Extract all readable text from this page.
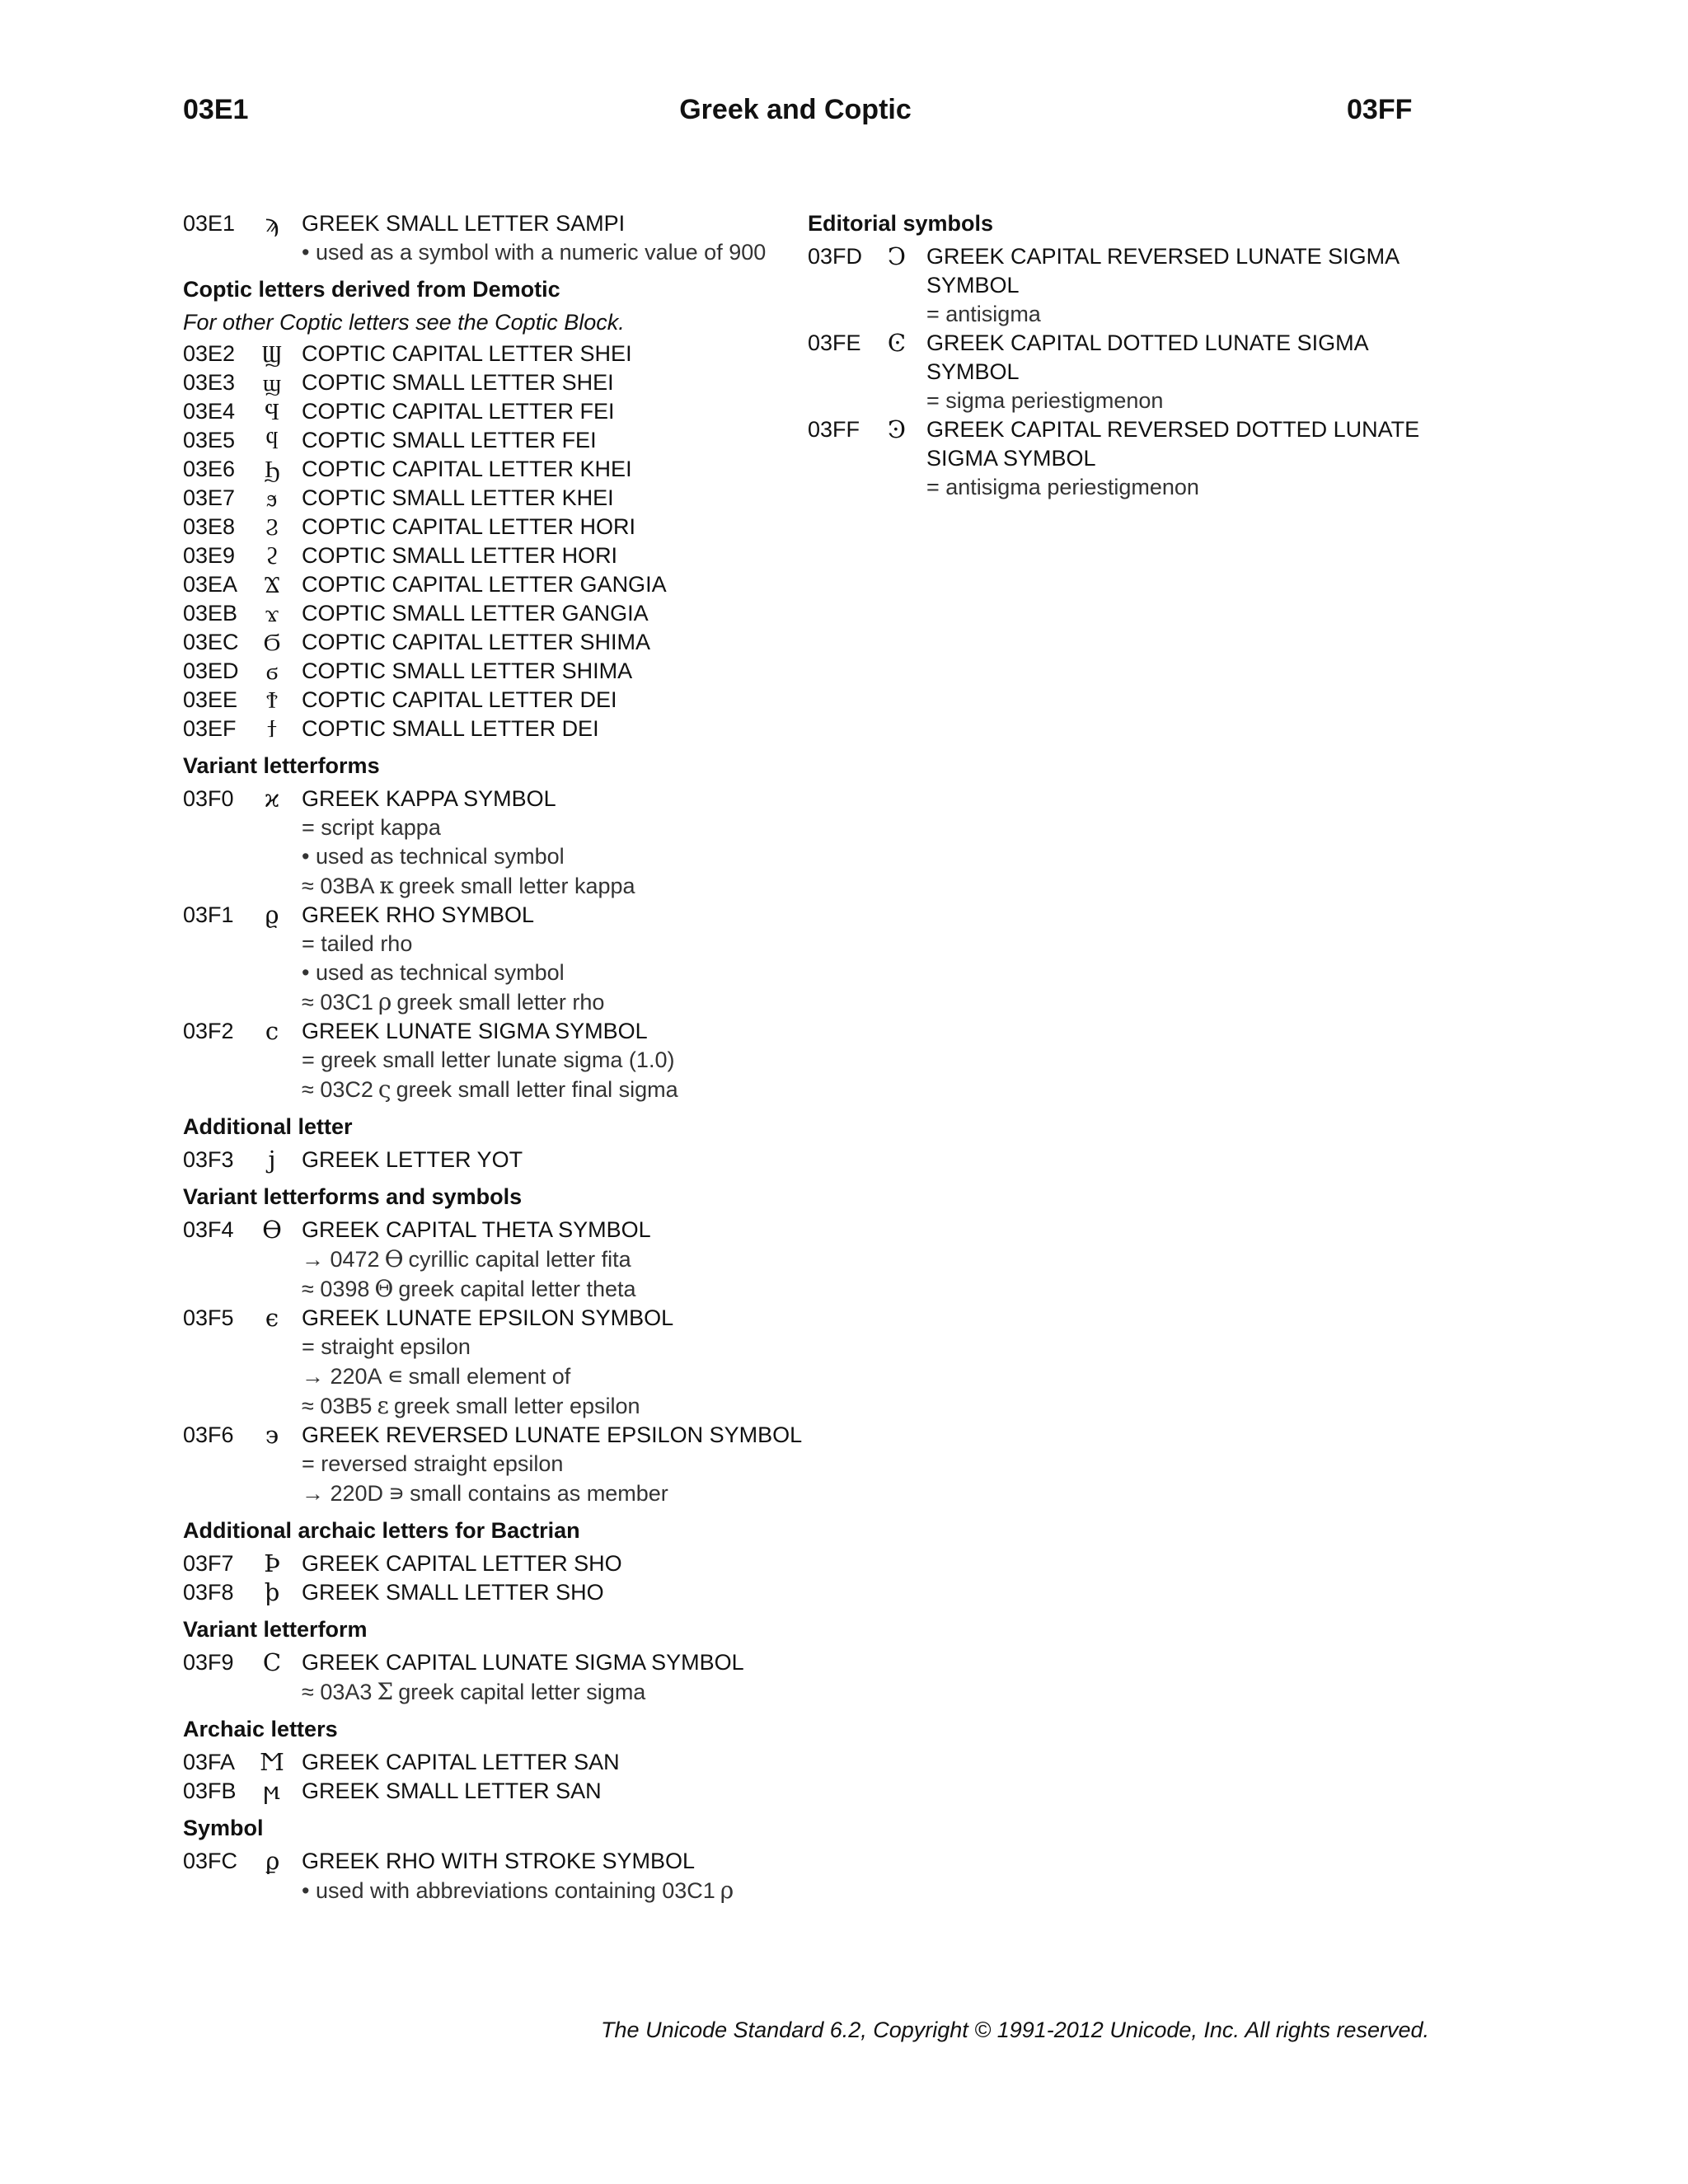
03E1	Greek and Coptic	03FF
03E1	ϡ	GREEK SMALL LETTER SAMPI
• used as a symbol with a numeric value of 900
Coptic letters derived from Demotic
For other Coptic letters see the Coptic Block.
03E2	Ϣ COPTIC CAPITAL LETTER SHEI
03E3	ϣ COPTIC SMALL LETTER SHEI
03E4	Ϥ	COPTIC CAPITAL LETTER FEI
03E5	ϥ	COPTIC SMALL LETTER FEI
03E6	Ϧ COPTIC CAPITAL LETTER KHEI
03E7	ϧ	COPTIC SMALL LETTER KHEI
03E8	Ϩ	COPTIC CAPITAL LETTER HORI
03E9	ϩ	COPTIC SMALL LETTER HORI
03EA	Ϫ COPTIC CAPITAL LETTER GANGIA
03EB	ϫ	COPTIC SMALL LETTER GANGIA
03EC	Ϭ COPTIC CAPITAL LETTER SHIMA
03ED	ϭ	COPTIC SMALL LETTER SHIMA
03EE	Ϯ	COPTIC CAPITAL LETTER DEI
03EF	ϯ	COPTIC SMALL LETTER DEI
Variant letterforms
03F0	ϰ GREEK KAPPA SYMBOL
= script kappa
• used as technical symbol
≈ 03BA κ greek small letter kappa
03F1	ϱ	GREEK RHO SYMBOL
= tailed rho
• used as technical symbol
≈ 03C1 ρ greek small letter rho
03F2	ϲ	GREEK LUNATE SIGMA SYMBOL
= greek small letter lunate sigma (1.0)
≈ 03C2 ς greek small letter final sigma
Additional letter
03F3	ϳ	GREEK LETTER YOT
Variant letterforms and symbols
03F4	ϴ GREEK CAPITAL THETA SYMBOL
→ 0472 Ѳ cyrillic capital letter fita
≈ 0398 Θ greek capital letter theta
03F5	ϵ	GREEK LUNATE EPSILON SYMBOL
= straight epsilon
→ 220A ∊ small element of
≈ 03B5 ε greek small letter epsilon
03F6	϶	GREEK REVERSED LUNATE EPSILON SYMBOL
= reversed straight epsilon
→ 220D ∍ small contains as member
Additional archaic letters for Bactrian
03F7	Ϸ GREEK CAPITAL LETTER SHO
03F8	ϸ GREEK SMALL LETTER SHO
Variant letterform
03F9	Ϲ GREEK CAPITAL LUNATE SIGMA SYMBOL
≈ 03A3 Σ greek capital letter sigma
Archaic letters
03FA	Ϻ GREEK CAPITAL LETTER SAN
03FB	ϻ GREEK SMALL LETTER SAN
Symbol
03FC	ϼ	GREEK RHO WITH STROKE SYMBOL
• used with abbreviations containing 03C1 ρ
Editorial symbols
03FD	Ͻ GREEK CAPITAL REVERSED LUNATE SIGMA SYMBOL
= antisigma
03FE	Ͼ GREEK CAPITAL DOTTED LUNATE SIGMA SYMBOL
= sigma periestigmenon
03FF	Ͽ GREEK CAPITAL REVERSED DOTTED LUNATE SIGMA SYMBOL
= antisigma periestigmenon
The Unicode Standard 6.2, Copyright © 1991-2012 Unicode, Inc. All rights reserved.
